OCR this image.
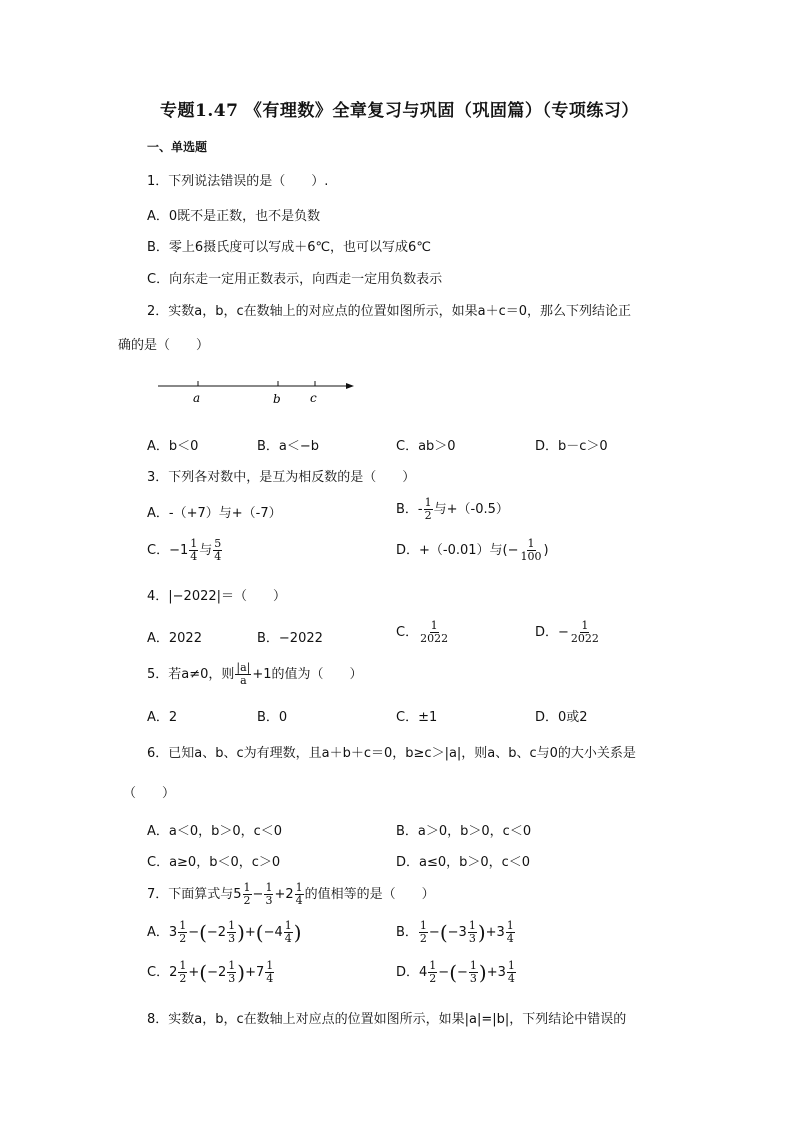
专题1.47 《有理数》全章复习与巩固（巩固篇）（专项练习）
一、单选题
1．下列说法错误的是（　　）.
A．0既不是正数，也不是负数
B．零上6摄氏度可以写成＋6℃，也可以写成6℃
C．向东走一定用正数表示，向西走一定用负数表示
2．实数a，b，c在数轴上的对应点的位置如图所示，如果a＋c＝0，那么下列结论正
确的是（　　）
a	b c
A．b＜0	B．a＜−b	C．ab＞0	D．b－c＞0
3．下列各对数中，是互为相反数的是（　　）
A．-（+7）与+（-7）	B．- $\frac{1}{2}$ 与+（-0.5）
C．$-1 \frac{1}{4}$ 与 $\frac{5}{4}$	D．+（-0.01）与(− $\frac{1}{100}$ )
4．|−2022|＝（　　）
A．2022	B．−2022	C． $\frac{1}{2022}$	D．− $\frac{1}{2022}$
5．若a≠0，则 $\frac{|a|}{a} +1$的值为（　　）
A．2	B．0	C．±1	D．0或2
6．已知a、b、c为有理数，且a＋b＋c＝0，b≥c＞|a|，则a、b、c与0的大小关系是
（　　）
A．a＜0，b＞0，c＜0	B．a＞0，b＞0，c＜0
C．a≥0，b＜0，c＞0	D．a≤0，b＞0，c＜0
7．下面算式与$5 \frac{1}{2} - \frac{1}{3} +2 \frac{1}{4}$ 的值相等的是（　　）
A．$3 \frac{1}{2} -(-2 \frac{1}{3} )+(-4 \frac{1}{4}$ )	B． $\frac{1}{2} -(-3 \frac{1}{3} )+3 \frac{1}{4}$
C．$2 \frac{1}{2} +(-2 \frac{1}{3} )+7 \frac{1}{4}$	D．$4 \frac{1}{2}$ −(− $\frac{1}{3} )+3 \frac{1}{4}$
8．实数a，b，c在数轴上对应点的位置如图所示，如果|a|=|b|，下列结论中错误的
